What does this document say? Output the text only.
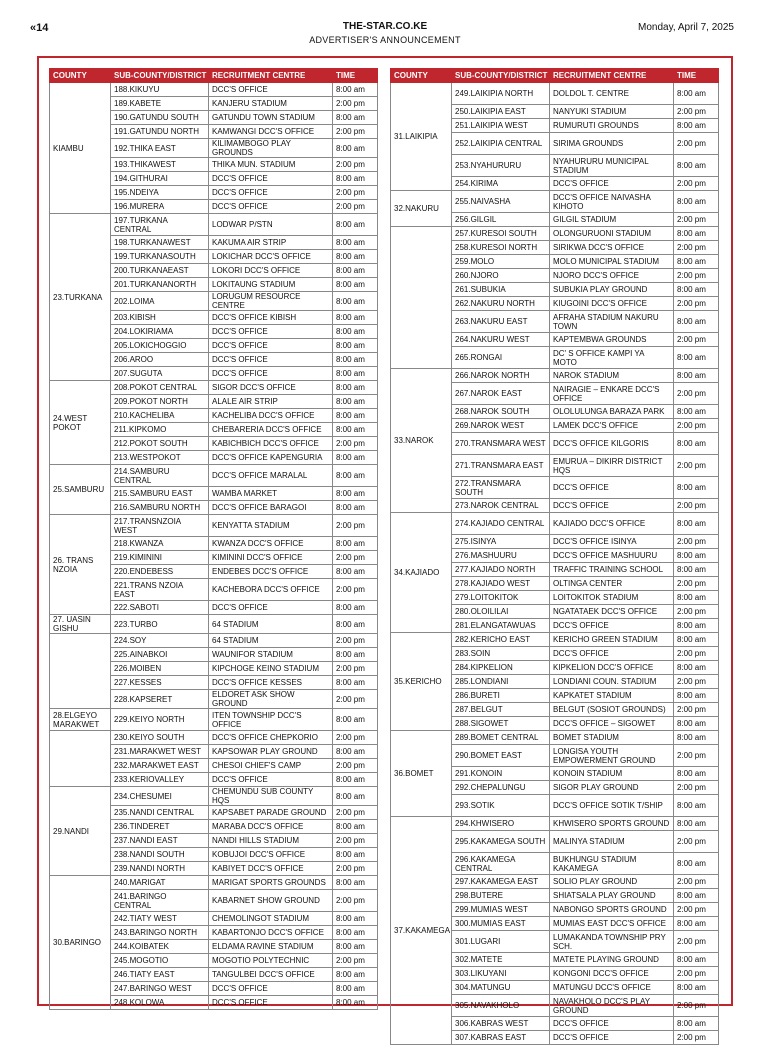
«14	THE-STAR.CO.KE
ADVERTISER'S ANNOUNCEMENT
Monday, April 7, 2025
COUNTY	SUB-COUNTY/DISTRICT	RECRUITMENT CENTRE	TIME
KIAMBU	188.KIKUYU	DCC'S OFFICE	8:00 am
	189.KABETE	KANJERU STADIUM	2:00 pm
	190.GATUNDU SOUTH	GATUNDU TOWN STADIUM	8:00 am
	191.GATUNDU NORTH	KAMWANGI DCC'S OFFICE	2:00 pm
	192.THIKA EAST	KILIMAMBOGO PLAY GROUNDS	8:00 am
	193.THIKAWEST	THIKA MUN. STADIUM	2:00 pm
	194.GITHURAI	DCC'S OFFICE	8:00 am
	195.NDEIYA	DCC'S OFFICE	2:00 pm
	196.MURERA	DCC'S OFFICE	2:00 pm
23.TURKANA	197.TURKANA CENTRAL	LODWAR P/STN	8:00 am
	198.TURKANAWEST	KAKUMA AIR STRIP	8:00 am
	199.TURKANASOUTH	LOKICHAR DCC'S OFFICE	8:00 am
	200.TURKANAEAST	LOKORI DCC'S OFFICE	8:00 am
	201.TURKANANORTH	LOKITAUNG STADIUM	8:00 am
	202.LOIMA	LORUGUM RESOURCE CENTRE	8:00 am
	203.KIBISH	DCC'S OFFICE KIBISH	8:00 am
	204.LOKIRIAMA	DCC'S OFFICE	8:00 am
	205.LOKICHOGGIO	DCC'S OFFICE	8:00 am
	206.AROO	DCC'S OFFICE	8:00 am
	207.SUGUTA	DCC'S OFFICE	8:00 am
24.WEST POKOT	208.POKOT CENTRAL	SIGOR DCC'S OFFICE	8:00 am
	209.POKOT NORTH	ALALE AIR STRIP	8:00 am
	210.KACHELIBA	KACHELIBA DCC'S OFFICE	8:00 am
	211.KIPKOMO	CHEBARERIA DCC'S OFFICE	8:00 am
	212.POKOT SOUTH	KABICHBICH DCC'S OFFICE	2:00 pm
	213.WESTPOKOT	DCC'S OFFICE KAPENGURIA	8:00 am
25.SAMBURU	214.SAMBURU CENTRAL	DCC'S OFFICE MARALAL	8:00 am
	215.SAMBURU EAST	WAMBA MARKET	8:00 am
	216.SAMBURU NORTH	DCC'S OFFICE BARAGOI	8:00 am
26. TRANS NZOIA	217.TRANSNZOIA WEST	KENYATTA STADIUM	2:00 pm
	218.KWANZA	KWANZA DCC'S OFFICE	8:00 am
	219.KIMININI	KIMININI DCC'S OFFICE	2:00 pm
	220.ENDEBESS	ENDEBES DCC'S OFFICE	8:00 am
	221.TRANS NZOIA EAST	KACHEBORA DCC'S OFFICE	2:00 pm
	222.SABOTI	DCC'S OFFICE	8:00 am
27. UASIN GISHU	223.TURBO	64 STADIUM	8:00 am
	224.SOY	64 STADIUM	2:00 pm
	225.AINABKOI	WAUNIFOR STADIUM	8:00 am
	226.MOIBEN	KIPCHOGE KEINO STADIUM	2:00 pm
	227.KESSES	DCC'S OFFICE KESSES	8:00 am
	228.KAPSERET	ELDORET ASK SHOW GROUND	2:00 pm
28.ELGEYO MARAKWET	229.KEIYO NORTH	ITEN TOWNSHIP DCC'S OFFICE	8:00 am
	230.KEIYO SOUTH	DCC'S OFFICE CHEPKORIO	2:00 pm
	231.MARAKWET WEST	KAPSOWAR PLAY GROUND	8:00 am
	232.MARAKWET EAST	CHESOI CHIEF'S CAMP	2:00 pm
	233.KERIOVALLEY	DCC'S OFFICE	8:00 am
29.NANDI	234.CHESUMEI	CHEMUNDU SUB COUNTY HQS	8:00 am
	235.NANDI CENTRAL	KAPSABET PARADE GROUND	2:00 pm
	236.TINDERET	MARABA DCC'S OFFICE	8:00 am
	237.NANDI EAST	NANDI HILLS STADIUM	2:00 pm
	238.NANDI SOUTH	KOBUJOI DCC'S OFFICE	8:00 am
	239.NANDI NORTH	KABIYET DCC'S OFFICE	2:00 pm
30.BARINGO	240.MARIGAT	MARIGAT SPORTS GROUNDS	8:00 am
	241.BARINGO CENTRAL	KABARNET SHOW GROUND	2:00 pm
	242.TIATY WEST	CHEMOLINGOT STADIUM	8:00 am
	243.BARINGO NORTH	KABARTONJO DCC'S OFFICE	8:00 am
	244.KOIBATEK	ELDAMA RAVINE STADIUM	8:00 am
	245.MOGOTIO	MOGOTIO POLYTECHNIC	2:00 pm
	246.TIATY EAST	TANGULBEI DCC'S OFFICE	8:00 am
	247.BARINGO WEST	DCC'S OFFICE	8:00 am
	248.KOLOWA	DCC'S OFFICE	8:00 am
COUNTY	SUB-COUNTY/DISTRICT	RECRUITMENT CENTRE	TIME
31.LAIKIPIA	249.LAIKIPIA NORTH	DOLDOL T. CENTRE	8:00 am
	250.LAIKIPIA EAST	NANYUKI STADIUM	2:00 pm
	251.LAIKIPIA WEST	RUMURUTI GROUNDS	8:00 am
	252.LAIKIPIA CENTRAL	SIRIMA GROUNDS	2:00 pm
	253.NYAHURURU	NYAHURURU MUNICIPAL STADIUM	8:00 am
	254.KIRIMA	DCC'S OFFICE	2:00 pm
32.NAKURU	255.NAIVASHA	DCC'S OFFICE NAIVASHA KIHOTO	8:00 am
	256.GILGIL	GILGIL STADIUM	2:00 pm
	257.KURESOI SOUTH	OLONGURUONI STADIUM	8:00 am
	258.KURESOI NORTH	SIRIKWA DCC'S OFFICE	2:00 pm
	259.MOLO	MOLO MUNICIPAL STADIUM	8:00 am
	260.NJORO	NJORO DCC'S OFFICE	2:00 pm
	261.SUBUKIA	SUBUKIA PLAY GROUND	8:00 am
	262.NAKURU NORTH	KIUGOINI DCC'S OFFICE	2:00 pm
	263.NAKURU EAST	AFRAHA STADIUM NAKURU TOWN	8:00 am
	264.NAKURU WEST	KAPTEMBWA GROUNDS	2:00 pm
	265.RONGAI	DC' S OFFICE KAMPI YA MOTO	8:00 am
33.NAROK	266.NAROK NORTH	NAROK STADIUM	8:00 am
	267.NAROK EAST	NAIRAGIE – ENKARE DCC'S OFFICE	2:00 pm
	268.NAROK SOUTH	OLOLULUNGA BARAZA PARK	8:00 am
	269.NAROK WEST	LAMEK DCC'S OFFICE	2:00 pm
	270.TRANSMARA WEST	DCC'S OFFICE KILGORIS	8:00 am
	271.TRANSMARA EAST	EMURUA – DIKIRR DISTRICT HQS	2:00 pm
	272.TRANSMARA SOUTH	DCC'S OFFICE	8:00 am
	273.NAROK CENTRAL	DCC'S OFFICE	2:00 pm
34.KAJIADO	274.KAJIADO CENTRAL	KAJIADO DCC'S OFFICE	8:00 am
	275.ISINYA	DCC'S OFFICE ISINYA	2:00 pm
	276.MASHUURU	DCC'S OFFICE MASHUURU	8:00 am
	277.KAJIADO NORTH	TRAFFIC TRAINING SCHOOL	8:00 am
	278.KAJIADO WEST	OLTINGA CENTER	2:00 pm
	279.LOITOKITOK	LOITOKITOK STADIUM	8:00 am
	280.OLOILILAI	NGATATAEK DCC'S OFFICE	2:00 pm
	281.ELANGATAWUAS	DCC'S OFFICE	8:00 am
35.KERICHO	282.KERICHO EAST	KERICHO GREEN STADIUM	8:00 am
	283.SOIN	DCC'S OFFICE	2:00 pm
	284.KIPKELION	KIPKELION DCC'S OFFICE	8:00 am
	285.LONDIANI	LONDIANI COUN. STADIUM	2:00 pm
	286.BURETI	KAPKATET STADIUM	8:00 am
	287.BELGUT	BELGUT (SOSIOT GROUNDS)	2:00 pm
	288.SIGOWET	DCC'S OFFICE – SIGOWET	8:00 am
36.BOMET	289.BOMET CENTRAL	BOMET STADIUM	8:00 am
	290.BOMET EAST	LONGISA YOUTH EMPOWERMENT GROUND	2:00 pm
	291.KONOIN	KONOIN STADIUM	8:00 am
	292.CHEPALUNGU	SIGOR PLAY GROUND	2:00 pm
	293.SOTIK	DCC'S OFFICE SOTIK T/SHIP	8:00 am
37.KAKAMEGA	294.KHWISERO	KHWISERO SPORTS GROUND	8:00 am
	295.KAKAMEGA SOUTH	MALINYA STADIUM	2:00 pm
	296.KAKAMEGA CENTRAL	BUKHUNGU STADIUM KAKAMEGA	8:00 am
	297.KAKAMEGA EAST	SOLIO PLAY GROUND	2:00 pm
	298.BUTERE	SHIATSALA PLAY GROUND	8:00 am
	299.MUMIAS WEST	NABONGO SPORTS GROUND	2:00 pm
	300.MUMIAS EAST	MUMIAS EAST DCC'S OFFICE	8:00 am
	301.LUGARI	LUMAKANDA TOWNSHIP PRY SCH.	2:00 pm
	302.MATETE	MATETE PLAYING GROUND	8:00 am
	303.LIKUYANI	KONGONI DCC'S OFFICE	2:00 pm
	304.MATUNGU	MATUNGU DCC'S OFFICE	8:00 am
	305.NAVAKHOLO	NAVAKHOLO DCC'S PLAY GROUND	2:00 pm
	306.KABRAS WEST	DCC'S OFFICE	8:00 am
	307.KABRAS EAST	DCC'S OFFICE	2:00 pm
